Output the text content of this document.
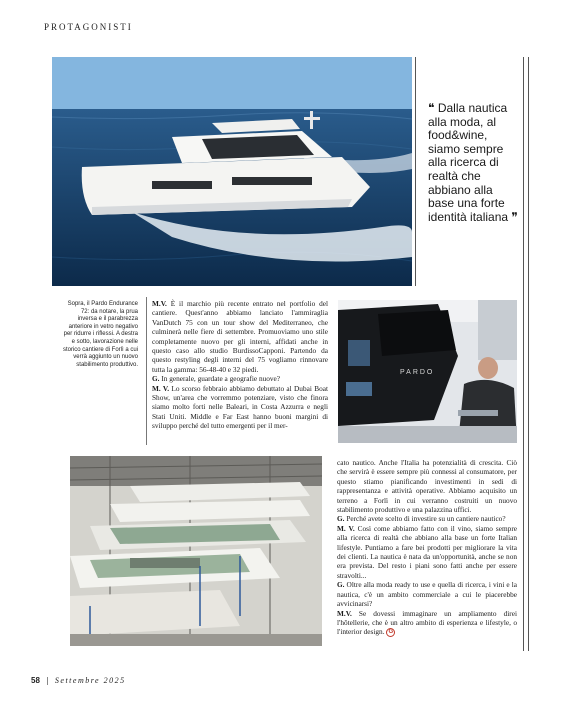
PROTAGONISTI
❝ Dalla nautica alla moda, al food&wine, siamo sempre alla ricerca di realtà che abbiano alla base una forte identità italiana ❞
Sopra, il Pardo Endurance 72: da notare, la prua inversa e il parabrezza anteriore in vetro negativo per ridurre i riflessi. A destra e sotto, lavorazione nelle storico cantiere di Forlì a cui verrà aggiunto un nuovo stabilimento produttivo.

M.V. È il marchio più recente entrato nel portfolio del cantiere. Quest'anno abbiamo lanciato l'ammiraglia VanDutch 75 con un tour show del Mediterraneo, che culminerà nelle fiere di settembre. Promuoviamo uno stile completamente nuovo per gli interni, affidati anche in questo caso allo studio BurdissoCapponi. Partendo da questo restyling degli interni del 75 vogliamo rinnovare tutta la gamma: 56-48-40 e 32 piedi.

G. In generale, guardate a geografie nuove?

M. V. Lo scorso febbraio abbiamo debuttato al Dubai Boat Show, un'area che vorremmo potenziare, visto che finora siamo molto forti nelle Baleari, in Costa Azzurra e negli Stati Uniti. Middle e Far East hanno buoni margini di sviluppo perché del tutto emergenti per il mer-

PARDO

cato nautico. Anche l'Italia ha potenzialità di crescita. Ciò che servirà è essere sempre più connessi al consumatore, per questo stiamo pianificando investimenti in sedi di rappresentanza e attività operative. Abbiamo acquisito un terreno a Forlì in cui verranno costruiti un nuovo stabilimento produttivo e una palazzina uffici.

G. Perché avete scelto di investire su un cantiere nautico?

M. V. Così come abbiamo fatto con il vino, siamo sempre alla ricerca di realtà che abbiano alla base un forte Italian lifestyle. Puntiamo a fare bei prodotti per migliorare la vita dei clienti. La nautica è nata da un'opportunità, anche se non era prevista. Del resto i piani sono fatti anche per essere stravolti...

G. Oltre alla moda ready to use e quella di ricerca, i vini e la nautica, c'è un ambito commerciale a cui le piacerebbe avvicinarsi?

M.V. Se dovessi immaginare un ampliamento direi l'hôtellerie, che è un altro ambito di esperienza e lifestyle, o l'interior design. G

58 Settembre 2025
